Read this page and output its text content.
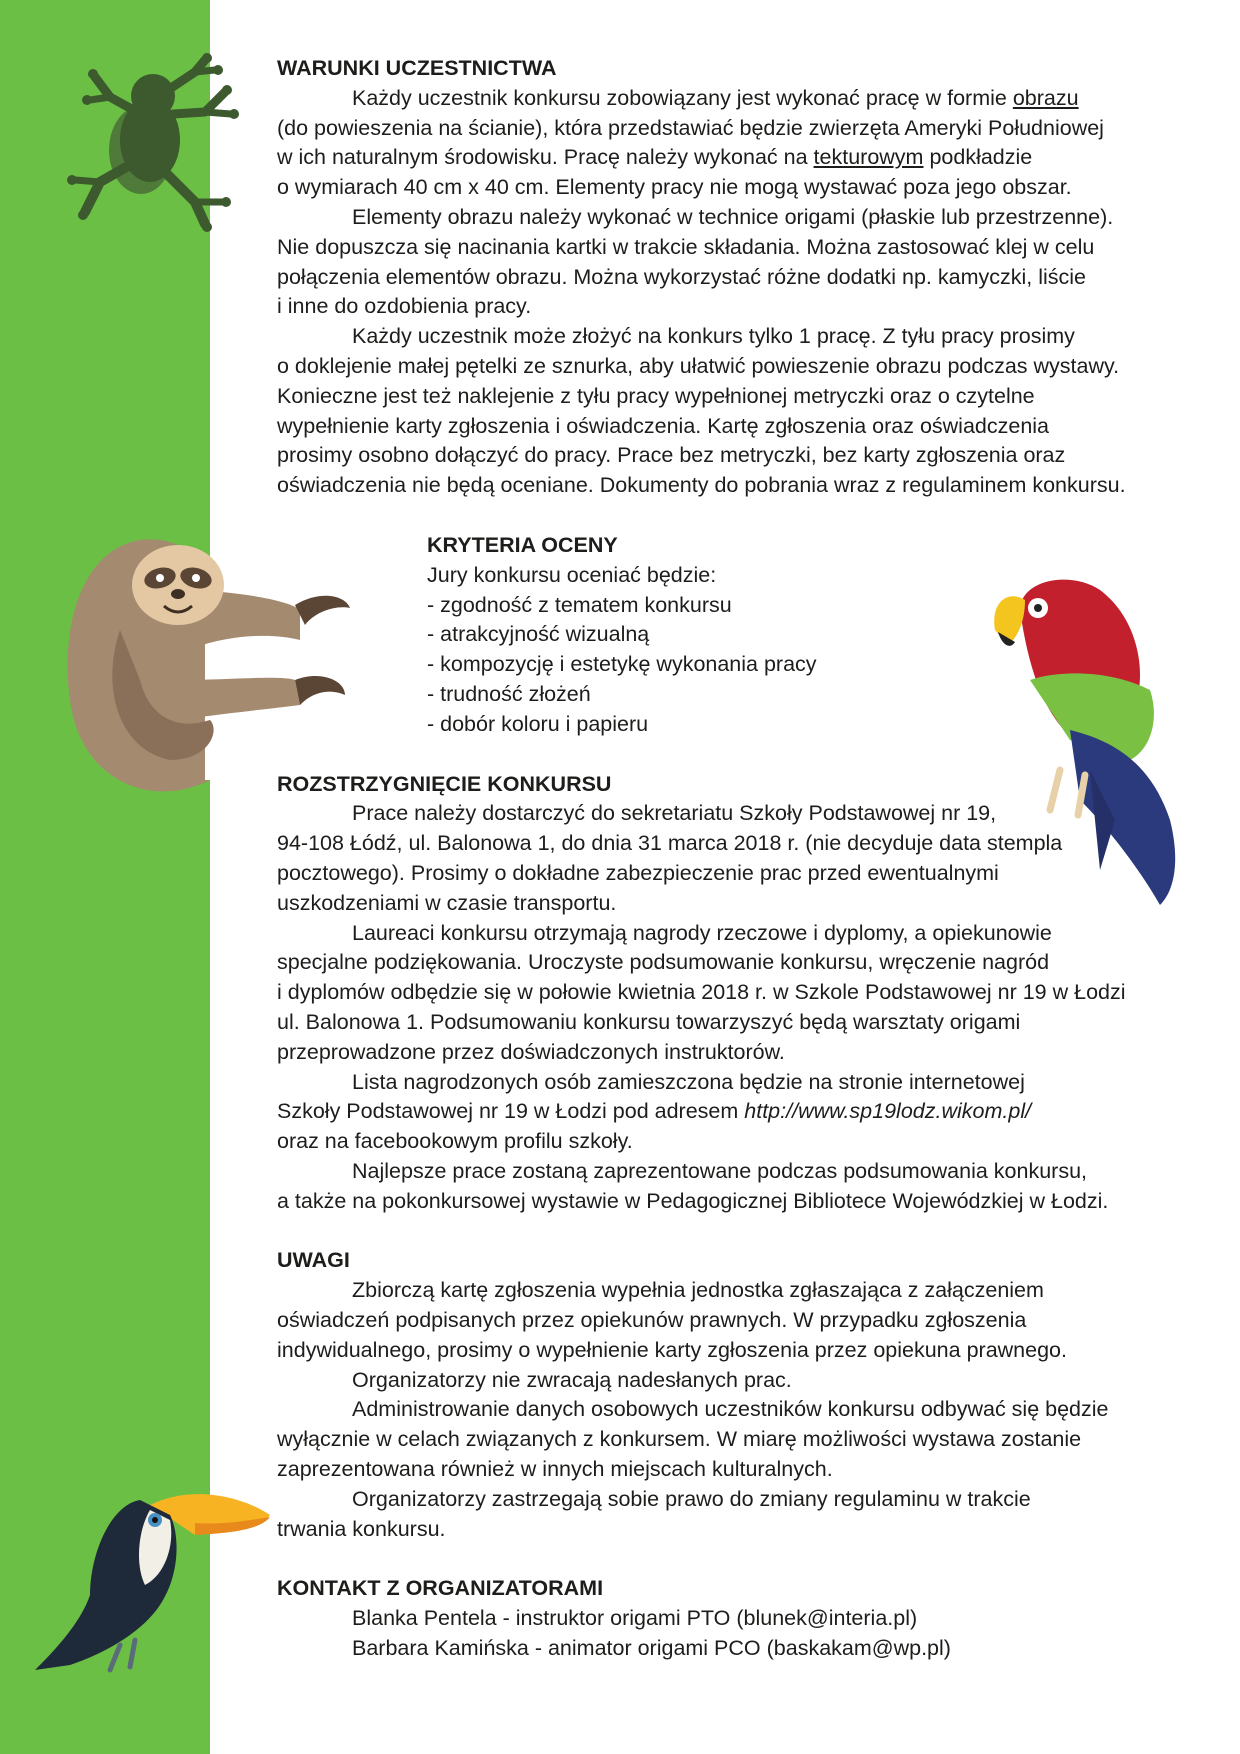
WARUNKI UCZESTNICTWA
Każdy uczestnik konkursu zobowiązany jest wykonać pracę w formie obrazu
(do powieszenia na ścianie), która przedstawiać będzie zwierzęta Ameryki Południowej
w ich naturalnym środowisku. Pracę należy wykonać na tekturowym podkładzie
o wymiarach 40 cm x 40 cm. Elementy pracy nie mogą wystawać poza jego obszar.
Elementy obrazu należy wykonać w technice origami (płaskie lub przestrzenne).
Nie dopuszcza się nacinania kartki w trakcie składania. Można zastosować klej w celu
połączenia elementów obrazu. Można wykorzystać różne dodatki np. kamyczki, liście
i inne do ozdobienia pracy.
Każdy uczestnik może złożyć na konkurs tylko 1 pracę. Z tyłu pracy prosimy
o doklejenie małej pętelki ze sznurka, aby ułatwić powieszenie obrazu podczas wystawy.
Konieczne jest też naklejenie z tyłu pracy wypełnionej metryczki oraz o czytelne
wypełnienie karty zgłoszenia i oświadczenia. Kartę zgłoszenia oraz oświadczenia
prosimy osobno dołączyć do pracy. Prace bez metryczki, bez karty zgłoszenia oraz
oświadczenia nie będą oceniane. Dokumenty do pobrania wraz z regulaminem konkursu.
KRYTERIA OCENY
Jury konkursu oceniać będzie:
- zgodność z tematem konkursu
- atrakcyjność wizualną
- kompozycję i estetykę wykonania pracy
- trudność złożeń
- dobór koloru i papieru
ROZSTRZYGNIĘCIE KONKURSU
Prace należy dostarczyć do sekretariatu Szkoły Podstawowej nr 19,
94-108 Łódź, ul. Balonowa 1, do dnia 31 marca 2018 r. (nie decyduje data stempla
pocztowego). Prosimy o dokładne zabezpieczenie prac przed ewentualnymi
uszkodzeniami w czasie transportu.
Laureaci konkursu otrzymają nagrody rzeczowe i dyplomy, a opiekunowie
specjalne podziękowania. Uroczyste podsumowanie konkursu, wręczenie nagród
i dyplomów odbędzie się w połowie kwietnia 2018 r. w Szkole Podstawowej nr 19 w Łodzi
ul. Balonowa 1. Podsumowaniu konkursu towarzyszyć będą warsztaty origami
przeprowadzone przez doświadczonych instruktorów.
Lista nagrodzonych osób zamieszczona będzie na stronie internetowej
Szkoły Podstawowej nr 19 w Łodzi pod adresem http://www.sp19lodz.wikom.pl/
oraz na facebookowym profilu szkoły.
Najlepsze prace zostaną zaprezentowane podczas podsumowania konkursu,
a także na pokonkursowej wystawie w Pedagogicznej Bibliotece Wojewódzkiej w Łodzi.
UWAGI
Zbiorczą kartę zgłoszenia wypełnia jednostka zgłaszająca z załączeniem
oświadczeń podpisanych przez opiekunów prawnych. W przypadku zgłoszenia
indywidualnego, prosimy o wypełnienie karty zgłoszenia przez opiekuna prawnego.
Organizatorzy nie zwracają nadesłanych prac.
Administrowanie danych osobowych uczestników konkursu odbywać się będzie
wyłącznie w celach związanych z konkursem. W miarę możliwości wystawa zostanie
zaprezentowana również w innych miejscach kulturalnych.
Organizatorzy zastrzegają sobie prawo do zmiany regulaminu w trakcie
trwania konkursu.
KONTAKT Z ORGANIZATORAMI
Blanka Pentela - instruktor origami PTO (blunek@interia.pl)
Barbara Kamińska - animator origami PCO (baskakam@wp.pl)
